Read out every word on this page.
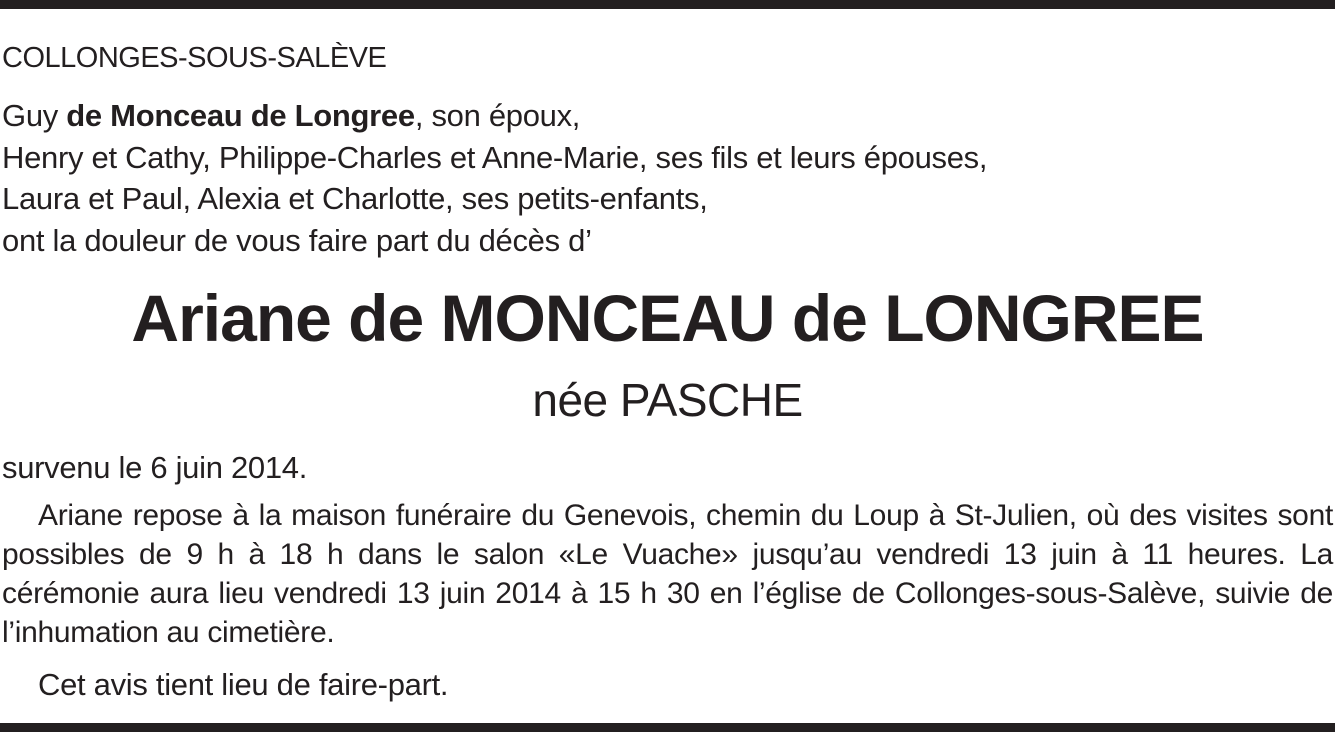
COLLONGES-SOUS-SALÈVE
Guy de Monceau de Longree, son époux,
Henry et Cathy, Philippe-Charles et Anne-Marie, ses fils et leurs épouses,
Laura et Paul, Alexia et Charlotte, ses petits-enfants,
ont la douleur de vous faire part du décès d’
Ariane de MONCEAU de LONGREE
née PASCHE
survenu le 6 juin 2014.
Ariane repose à la maison funéraire du Genevois, chemin du Loup à St-Julien, où des visites sont possibles de 9 h à 18 h dans le salon «Le Vuache» jusqu’au vendredi 13 juin à 11 heures. La cérémonie aura lieu vendredi 13 juin 2014 à 15 h 30 en l’église de Collonges-sous-Salève, suivie de l’inhumation au cimetière.
Cet avis tient lieu de faire-part.
